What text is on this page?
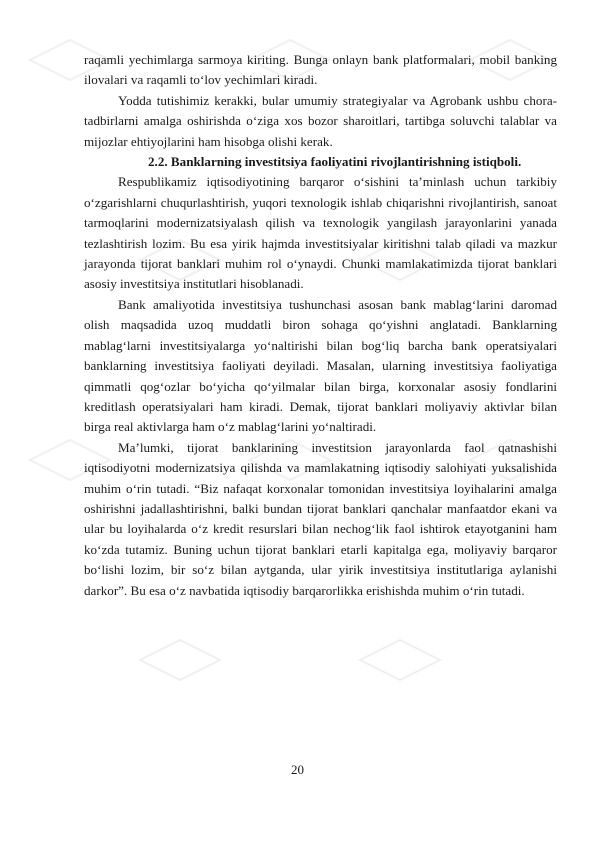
raqamli yechimlarga sarmoya kiriting. Bunga onlayn bank platformalari, mobil banking ilovalari va raqamli to‘lov yechimlari kiradi.

Yodda tutishimiz kerakki, bular umumiy strategiyalar va Agrobank ushbu chora-tadbirlarni amalga oshirishda o‘ziga xos bozor sharoitlari, tartibga soluvchi talablar va mijozlar ehtiyojlarini ham hisobga olishi kerak.

2.2. Banklarning investitsiya faoliyatini rivojlantirishning istiqboli.

Respublikamiz iqtisodiyotining barqaror o‘sishini ta’minlash uchun tarkibiy o‘zgarishlarni chuqurlashtirish, yuqori texnologik ishlab chiqarishni rivojlantirish, sanoat tarmoqlarini modernizatsiyalash qilish va texnologik yangilash jarayonlarini yanada tezlashtirish lozim. Bu esa yirik hajmda investitsiyalar kiritishni talab qiladi va mazkur jarayonda tijorat banklari muhim rol o‘ynaydi. Chunki mamlakatimizda tijorat banklari asosiy investitsiya institutlari hisoblanadi.

Bank amaliyotida investitsiya tushunchasi asosan bank mablag‘larini daromad olish maqsadida uzoq muddatli biron sohaga qo‘yishni anglatadi. Banklarning mablag‘larni investitsiyalarga yo‘naltirishi bilan bog‘liq barcha bank operatsiyalari banklarning investitsiya faoliyati deyiladi. Masalan, ularning investitsiya faoliyatiga qimmatli qog‘ozlar bo‘yicha qo‘yilmalar bilan birga, korxonalar asosiy fondlarini kreditlash operatsiyalari ham kiradi. Demak, tijorat banklari moliyaviy aktivlar bilan birga real aktivlarga ham o‘z mablag‘larini yo‘naltiradi.

Ma’lumki, tijorat banklarining investitsion jarayonlarda faol qatnashishi iqtisodiyotni modernizatsiya qilishda va mamlakatning iqtisodiy salohiyati yuksalishida muhim o‘rin tutadi. “Biz nafaqat korxonalar tomonidan investitsiya loyihalarini amalga oshirishni jadallashtirishni, balki bundan tijorat banklari qanchalar manfaatdor ekani va ular bu loyihalarda o‘z kredit resurslari bilan nechog‘lik faol ishtirok etayotganini ham ko‘zda tutamiz. Buning uchun tijorat banklari etarli kapitalga ega, moliyaviy barqaror bo‘lishi lozim, bir so‘z bilan aytganda, ular yirik investitsiya institutlariga aylanishi darkor”. Bu esa o‘z navbatida iqtisodiy barqarorlikka erishishda muhim o‘rin tutadi.

20
